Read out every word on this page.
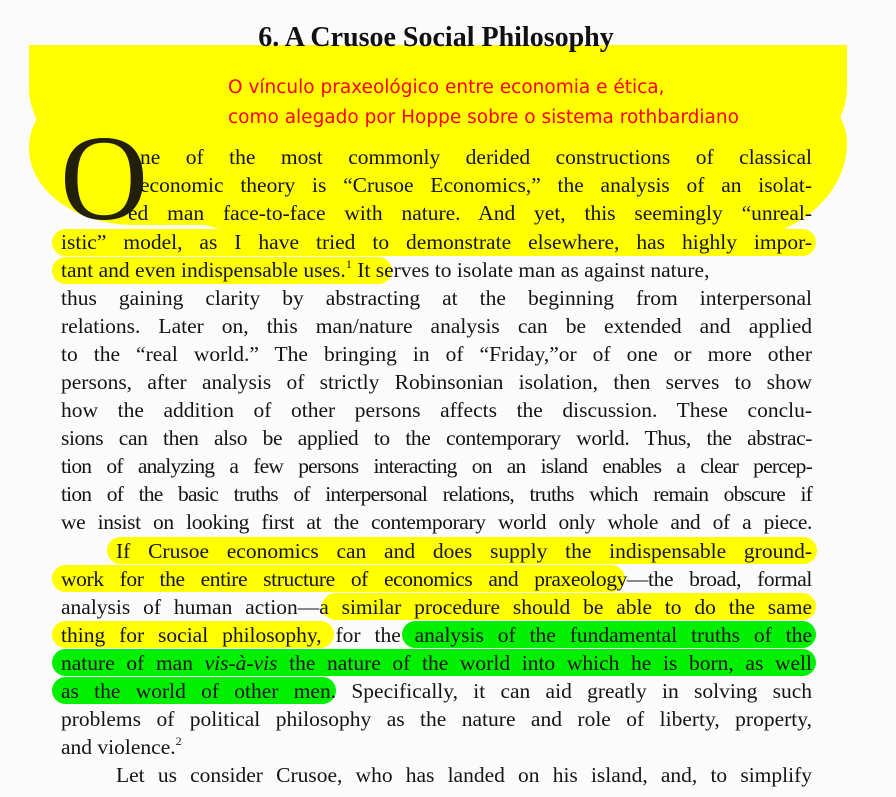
6. A Crusoe Social Philosophy
O vínculo praxeológico entre economia e ética,
como alegado por Hoppe sobre o sistema rothbardiano
O
ne of the most commonly derided constructions of classical
economic theory is “Crusoe Economics,” the analysis of an isolat-
ed man face-to-face with nature. And yet, this seemingly “unreal-
istic” model, as I have tried to demonstrate elsewhere, has highly impor-
tant and even indispensable uses.$^1$ It serves to isolate man as against nature,
thus gaining clarity by abstracting at the beginning from interpersonal
relations. Later on, this man/nature analysis can be extended and applied
to the “real world.” The bringing in of “Friday,”or of one or more other
persons, after analysis of strictly Robinsonian isolation, then serves to show
how the addition of other persons affects the discussion. These conclu-
sions can then also be applied to the contemporary world. Thus, the abstrac-
tion of analyzing a few persons interacting on an island enables a clear percep-
tion of the basic truths of interpersonal relations, truths which remain obscure if
we insist on looking first at the contemporary world only whole and of a piece.
If Crusoe economics can and does supply the indispensable ground-
work for the entire structure of economics and praxeology—the broad, formal
analysis of human action—a similar procedure should be able to do the same
thing for social philosophy, for the analysis of the fundamental truths of the
nature of man vis-à-vis the nature of the world into which he is born, as well
as the world of other men. Specifically, it can aid greatly in solving such
problems of political philosophy as the nature and role of liberty, property,
and violence.$^2$
Let us consider Crusoe, who has landed on his island, and, to simplify
